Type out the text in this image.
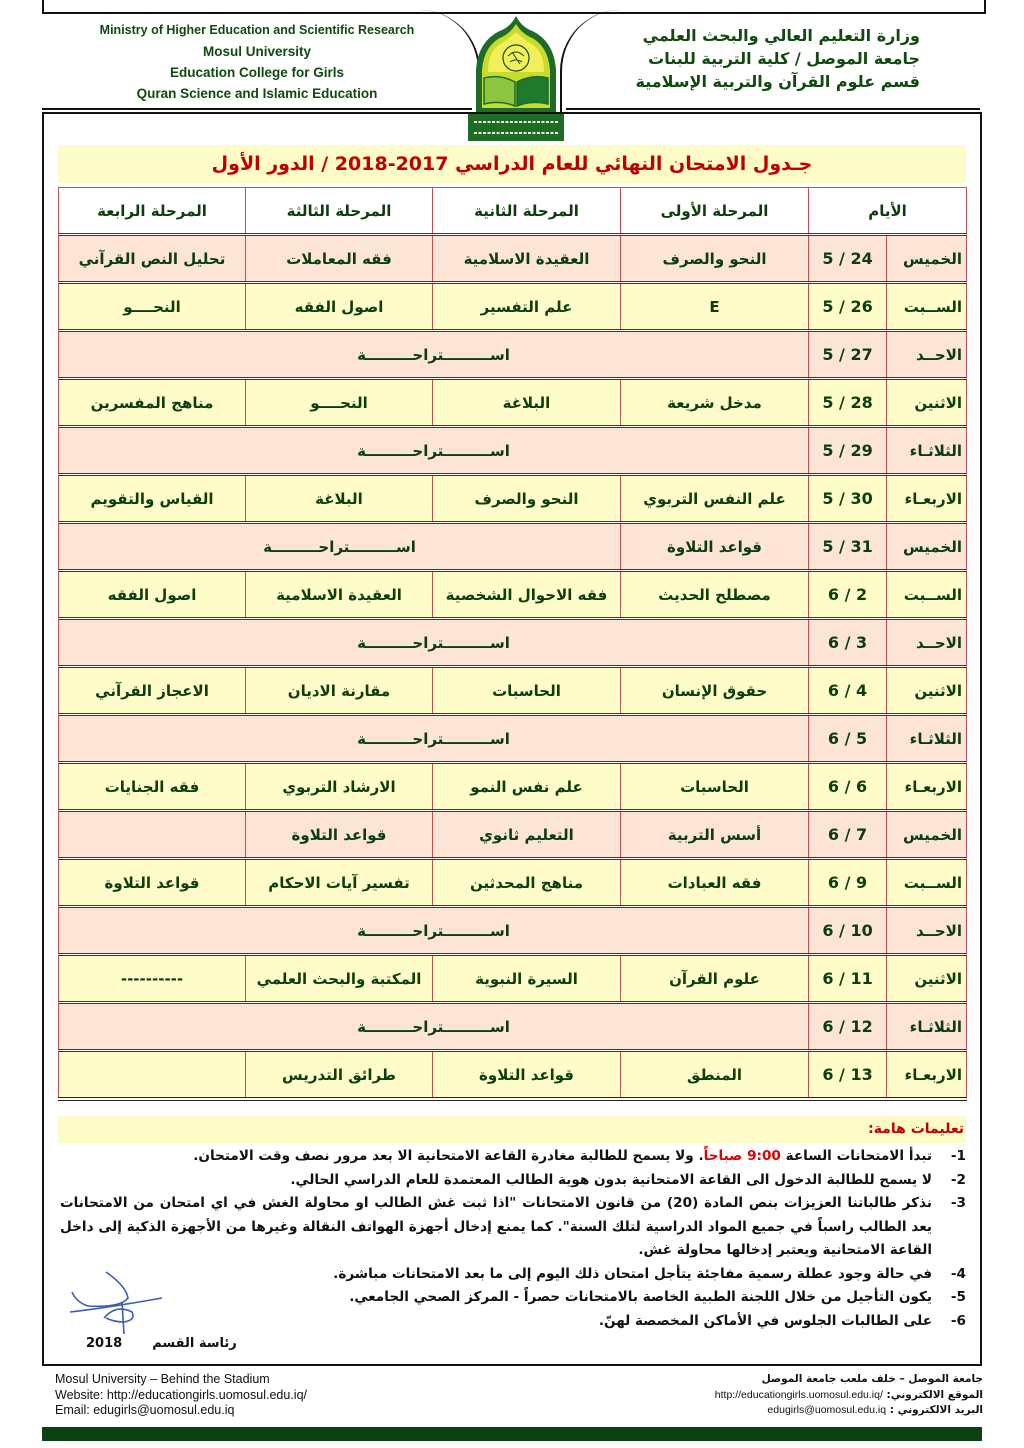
Ministry of Higher Education and Scientific Research
Mosul University
Education College for Girls
Quran Science and Islamic Education
وزارة التعليم العالي والبحث العلمي
جامعة الموصل / كلية التربية للبنات
قسم علوم القرآن والتربية الإسلامية
جـدول الامتحان النهائي للعام الدراسي 2017-2018 / الدور الأول
الأيام		المرحلة الأولى	المرحلة الثانية	المرحلة الثالثة	المرحلة الرابعة
الخميس	24 / 5	النحو والصرف	العقيدة الاسلامية	فقه المعاملات	تحليل النص القرآني
الســبت	26 / 5	E	علم التفسير	اصول الفقه	النحــــو
الاحــد	27 / 5	اســـــــــتراحـــــــــة			
الاثنين	28 / 5	مدخل شريعة	البلاغة	النحــــو	مناهج المفسرين
الثلاثـاء	29 / 5	اســـــــــتراحـــــــــة			
الاربعـاء	30 / 5	علم النفس التربوي	النحو والصرف	البلاغة	القياس والتقويم
الخميس	31 / 5	قواعد التلاوة	اســـــــــتراحـــــــــة		
الســبت	2 / 6	مصطلح الحديث	فقه الاحوال الشخصية	العقيدة الاسلامية	اصول الفقه
الاحــد	3 / 6	اســـــــــتراحـــــــــة			
الاثنين	4 / 6	حقوق الإنسان	الحاسبات	مقارنة الاديان	الاعجاز القرآني
الثلاثـاء	5 / 6	اســـــــــتراحـــــــــة			
الاربعـاء	6 / 6	الحاسبات	علم نفس النمو	الارشاد التربوي	فقه الجنايات
الخميس	7 / 6	أسس التربية	التعليم ثانوي	قواعد التلاوة	
الســبت	9 / 6	فقه العبادات	مناهج المحدثين	تفسير آيات الاحكام	قواعد التلاوة
الاحــد	10 / 6	اســـــــــتراحـــــــــة			
الاثنين	11 / 6	علوم القرآن	السيرة النبوية	المكتبة والبحث العلمي	----------
الثلاثـاء	12 / 6	اســـــــــتراحـــــــــة			
الاربعـاء	13 / 6	المنطق	قواعد التلاوة	طرائق التدريس	
تعليمات هامة:
1-
تبدأ الامتحانات الساعة 9:00 صباحاً. ولا يسمح للطالبة مغادرة القاعة الامتحانية الا بعد مرور نصف وقت الامتحان.
2-
لا يسمح للطالبة الدخول الى القاعة الامتحانية بدون هوية الطالب المعتمدة للعام الدراسي الحالي.
3-
نذكر طالباتنا العزيزات بنص المادة (20) من قانون الامتحانات "اذا ثبت غش الطالب او محاولة الغش في اي امتحان من الامتحانات يعد الطالب راسباً في جميع المواد الدراسية لتلك السنة". كما يمنع إدخال أجهزة الهواتف النقالة وغيرها من الأجهزة الذكية إلى داخل القاعة الامتحانية ويعتبر إدخالها محاولة غش.
4-
في حالة وجود عطلة رسمية مفاجئة يتأجل امتحان ذلك اليوم إلى ما بعد الامتحانات مباشرة.
5-
يكون التأجيل من خلال اللجنة الطبية الخاصة بالامتحانات حصراً - المركز الصحي الجامعي.
6-
على الطالبات الجلوس في الأماكن المخصصة لهنّ.
2018 رئاسة القسم
Mosul University – Behind the Stadium
Website: http://educationgirls.uomosul.edu.iq/
Email: edugirls@uomosul.edu.iq
جامعة الموصل – خلف ملعب جامعة الموصل
الموقع الالكتروني: http://educationgirls.uomosul.edu.iq/
البريد الالكتروني : edugirls@uomosul.edu.iq
